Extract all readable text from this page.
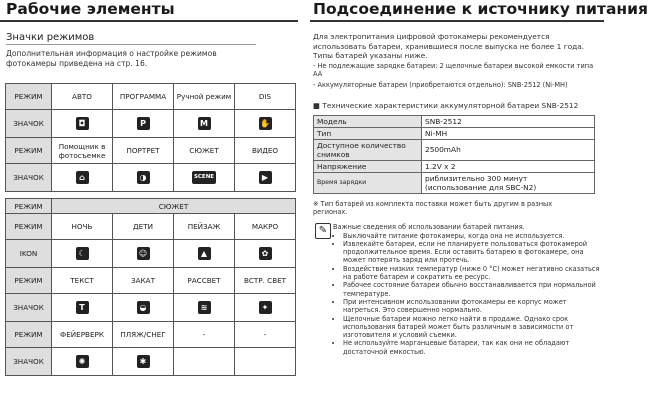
Рабочие элементы
Значки режимов
Дополнительная информация о настройке режимов фотокамеры приведена на стр. 16.
РЕЖИМ	АВТО	ПРОГРАММА	Ручной режим	DIS
ЗНАЧОК	◘	P	M	✋
РЕЖИМ	Помощник в фотосъемке	ПОРТРЕТ	СЮЖЕТ	ВИДЕО
ЗНАЧОК	⌂	◑	SCENE	▶
РЕЖИМ	СЮЖЕТ			
РЕЖИМ	НОЧЬ	ДЕТИ	ПЕЙЗАЖ	МАКРО
IKON	☾	☺	▲	✿
РЕЖИМ	ТЕКСТ	ЗАКАТ	РАССВЕТ	ВСТР. СВЕТ
ЗНАЧОК	T	◒	≋	✦
РЕЖИМ	ФЕЙЕРВЕРК	ПЛЯЖ/СНЕГ	-	-
ЗНАЧОК	✺	✱		
Подсоединение к источнику питания
Для электропитания цифровой фотокамеры рекомендуется использовать батареи, хранившиеся после выпуска не более 1 года. Типы батарей указаны ниже.
- Не подлежащие зарядке батареи: 2 щелочные батареи высокой емкости типа AA
- Аккумуляторные батареи (приобретаются отдельно): SNB-2512 (Ni-MH)
■ Технические характеристики аккумуляторной батареи SNB-2512
Модель	SNB-2512
Тип	Ni-MH
Доступное количество снимков	2500mAh
Напряжение	1.2V x 2
Время зарядки	риблизительно 300 минут (использование для SBC-N2)
※ Тип батарей из комплекта поставки может быть другим в разных регионах.
✎ Важные сведения об использовании батарей питания.
• Выключайте питание фотокамеры, когда она не используется.
• Извлекайте батареи, если не планируете пользоваться фотокамерой продолжительное время. Если оставить батарею в фотокамере, она может потерять заряд или протечь.
• Воздействие низких температур (ниже 0 °C) может негативно сказаться на работе батареи и сократить ее ресурс.
• Рабочее состояние батареи обычно восстанавливается при нормальной температуре.
• При интенсивном использовании фотокамеры ее корпус может нагреться. Это совершенно нормально.
• Щелочные батареи можно легко найти в продаже. Однако срок использования батарей может быть различным в зависимости от изготовителя и условий съемки.
• Не используйте марганцевые батареи, так как они не обладают достаточной емкостью.
